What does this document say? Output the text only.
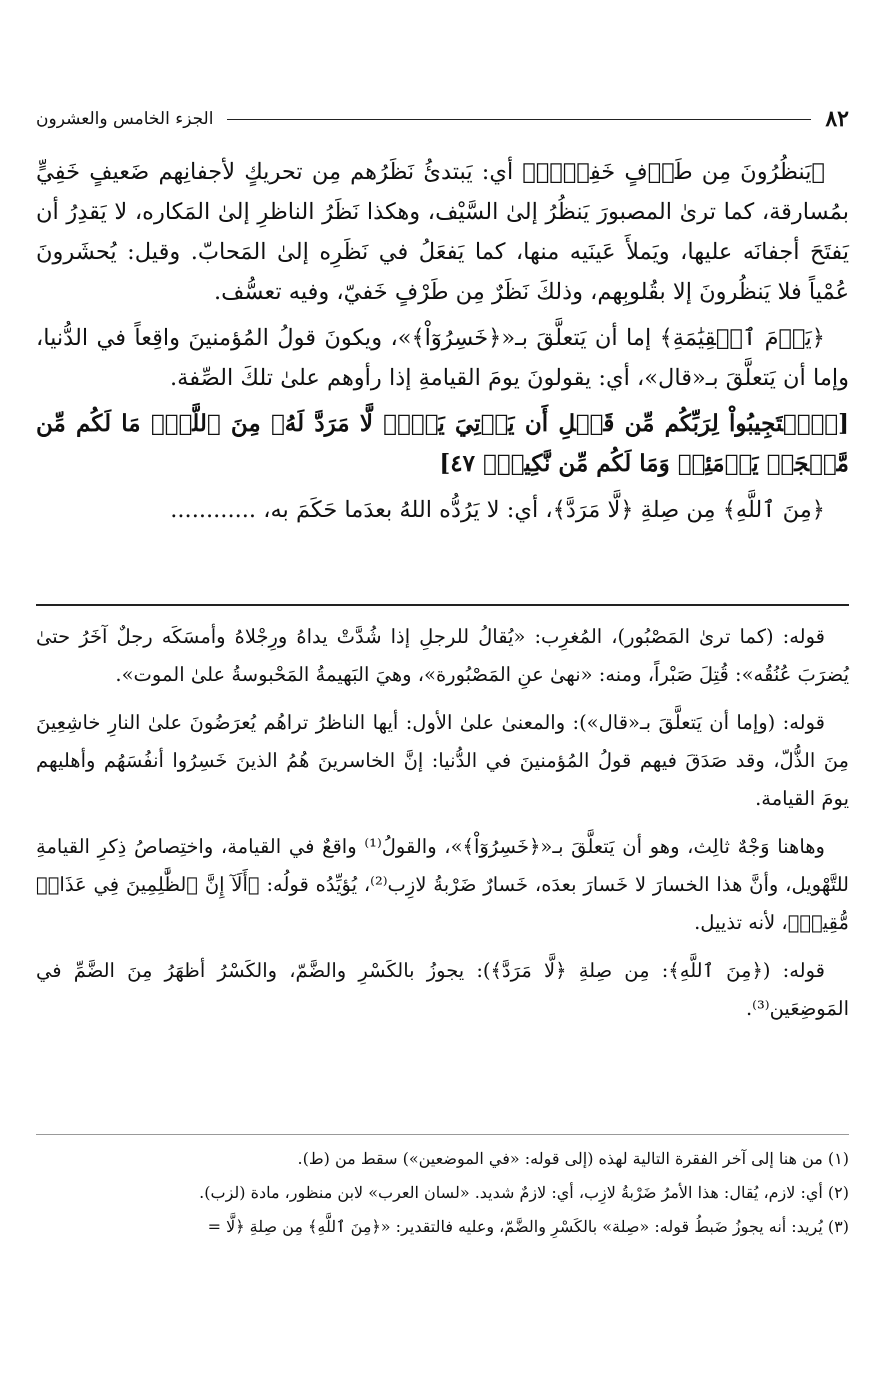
٨٢
الجزء الخامس والعشرون

﴿يَنظُرُونَ مِن طَرۡفٍ خَفِيّٖۗ﴾ أي: يَبتدئُ نَظَرُهم مِن تحريكٍ لأجفانِهم ضَعيفٍ خَفِيٍّ بمُسارقة، كما ترىٰ المصبورَ يَنظُرُ إلىٰ السَّيْف، وهكذا نَظَرُ الناظرِ إلىٰ المَكاره، لا يَقدِرُ أن يَفتَحَ أجفانَه عليها، ويَملأَ عَينَيه منها، كما يَفعَلُ في نَظَرِه إلىٰ المَحابّ. وقيل: يُحشَرونَ عُمْياً فلا يَنظُرونَ إلا بقُلوبِهم، وذلكَ نَظَرٌ مِن طَرْفٍ خَفيّ، وفيه تعسُّف.

﴿يَوۡمَ ٱلۡقِيَٰمَةِ﴾ إما أن يَتعلَّقَ بـ«﴿خَسِرُوٓاْ﴾»، ويكونَ قولُ المُؤمنينَ واقِعاً في الدُّنيا، وإما أن يَتعلَّقَ بـ«قال»، أي: يقولونَ يومَ القيامةِ إذا رأوهم علىٰ تلكَ الصِّفة.

[﴿ٱسۡتَجِيبُواْ لِرَبِّكُم مِّن قَبۡلِ أَن يَأۡتِيَ يَوۡمٞ لَّا مَرَدَّ لَهُۥ مِنَ ٱللَّهِۚ مَا لَكُم مِّن مَّلۡجَإٖ يَوۡمَئِذٖ وَمَا لَكُم مِّن نَّكِيرٖ﴾ ٤٧]

﴿مِنَ ٱللَّهِ﴾ مِن صِلةِ ﴿لَّا مَرَدَّ﴾، أي: لا يَرُدُّه اللهُ بعدَما حَكَمَ به، ............

قوله: (كما ترىٰ المَصْبُور)، المُغرِب: «يُقالُ للرجلِ إذا شُدَّتْ يداهُ ورِجْلاهُ وأمسَكَه رجلٌ آخَرُ حتىٰ يُضرَبَ عُنُقُه»: قُتِلَ صَبْراً، ومنه: «نهىٰ عنِ المَصْبُورة»، وهيَ البَهيمةُ المَحْبوسةُ علىٰ الموت».

قوله: (وإما أن يَتعلَّقَ بـ«قال»): والمعنىٰ علىٰ الأول: أيها الناظرُ تراهُم يُعرَضُونَ علىٰ النارِ خاشِعِينَ مِنَ الذُّلّ، وقد صَدَقَ فيهم قولُ المُؤمنينَ في الدُّنيا: إنَّ الخاسرينَ هُمُ الذينَ خَسِرُوا أنفُسَهُم وأهليهم يومَ القيامة.

وهاهنا وَجْهٌ ثالِث، وهو أن يَتعلَّقَ بـ«﴿خَسِرُوٓاْ﴾»، والقولُ⁽¹⁾ واقعٌ في القيامة، واختِصاصُ ذِكرِ القيامةِ للتَّهْويل، وأنَّ هذا الخسارَ لا خَسارَ بعدَه، خَسارٌ ضَرْبةُ لازِب⁽²⁾، يُؤيِّدُه قولُه: ﴿أَلَآ إِنَّ ٱلظَّٰلِمِينَ فِي عَذَابٖ مُّقِيمٖ﴾، لأنه تذييل.

قوله: (﴿مِنَ ٱللَّهِ﴾: مِن صِلةِ ﴿لَّا مَرَدَّ﴾): يجوزُ بالكَسْرِ والضَّمّ، والكَسْرُ أظهَرُ مِنَ الضَّمِّ في المَوضِعَين⁽³⁾.

(١) من هنا إلى آخر الفقرة التالية لهذه (إلى قوله: «في الموضعين») سقط من (ط).

(٢) أي: لازم، يُقال: هذا الأمرُ ضَرْبةُ لازِب، أي: لازمٌ شديد. «لسان العرب» لابن منظور، مادة (لزب).

(٣) يُريد: أنه يجوزُ ضَبطُ قوله: «صِلة» بالكَسْرِ والضَّمّ، وعليه فالتقدير: «﴿مِنَ ٱللَّهِ﴾ مِن صِلةِ ﴿لَّا =
